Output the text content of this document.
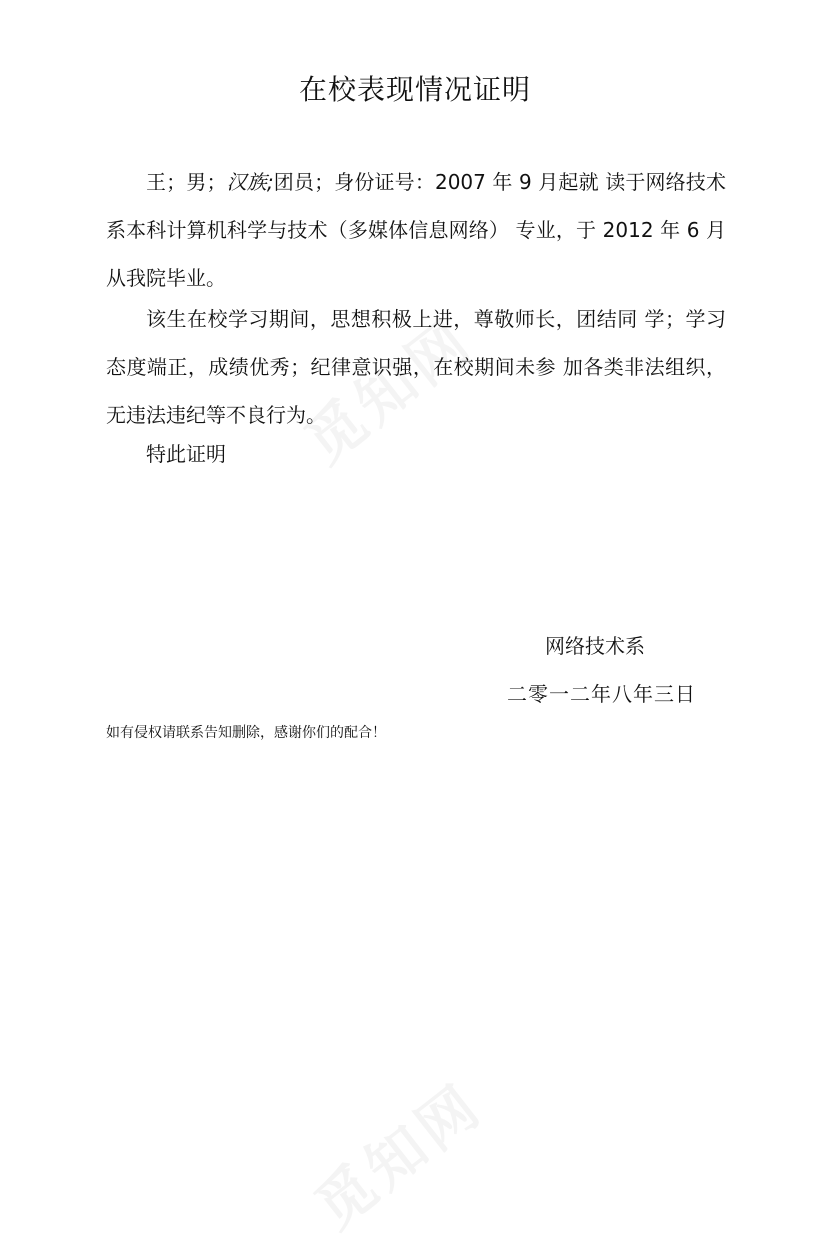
在校表现情况证明
王；男；汉族;团员；身份证号：2007 年 9 月起就 读于网络技术系本科计算机科学与技术（多媒体信息网络） 专业，于 2012 年 6 月从我院毕业。
该生在校学习期间，思想积极上进，尊敬师长，团结同 学；学习态度端正，成绩优秀；纪律意识强，在校期间未参 加各类非法组织，无违法违纪等不良行为。
特此证明
网络技术系
二零一二年八年三日
如有侵权请联系告知删除，感谢你们的配合！
